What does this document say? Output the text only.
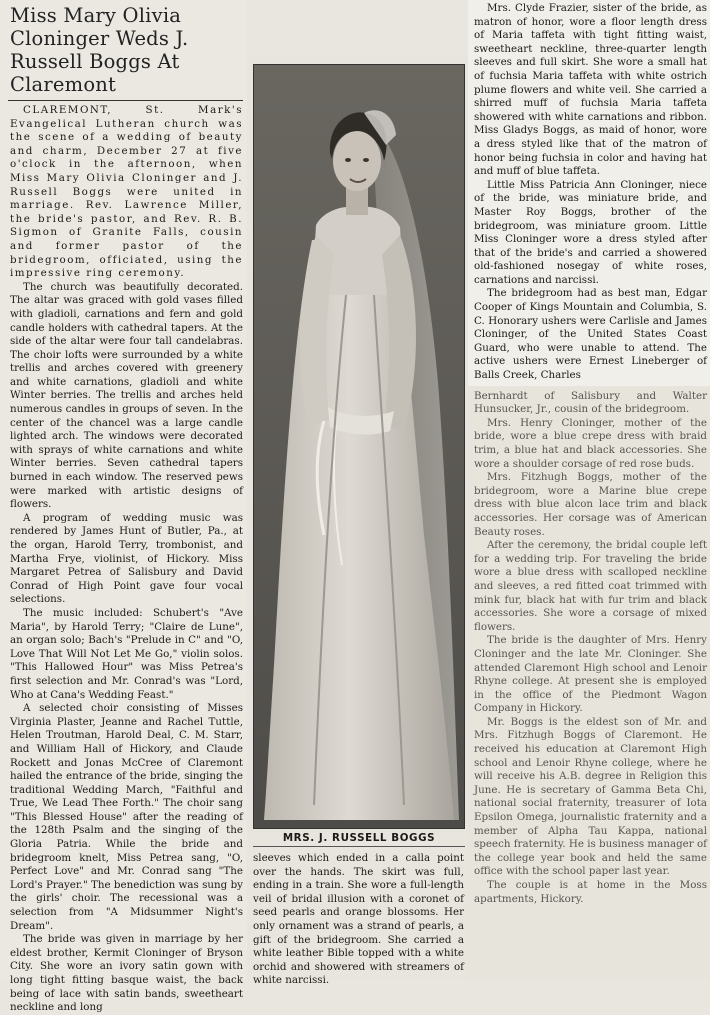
Miss Mary Olivia Cloninger Weds J. Russell Boggs At Claremont

CLAREMONT, St. Mark's Evangelical Lutheran church was the scene of a wedding of beauty and charm, December 27 at five o'clock in the afternoon, when Miss Mary Olivia Cloninger and J. Russell Boggs were united in marriage. Rev. Lawrence Miller, the bride's pastor, and Rev. R. B. Sigmon of Granite Falls, cousin and former pastor of the bridegroom, officiated, using the impressive ring ceremony.

The church was beautifully decorated. The altar was graced with gold vases filled with gladioli, carnations and fern and gold candle holders with cathedral tapers. At the side of the altar were four tall candelabras. The choir lofts were surrounded by a white trellis and arches covered with greenery and white carnations, gladioli and white Winter berries. The trellis and arches held numerous candles in groups of seven. In the center of the chancel was a large candle lighted arch. The windows were decorated with sprays of white carnations and white Winter berries. Seven cathedral tapers burned in each window. The reserved pews were marked with artistic designs of flowers.

A program of wedding music was rendered by James Hunt of Butler, Pa., at the organ, Harold Terry, trombonist, and Martha Frye, violinist, of Hickory. Miss Margaret Petrea of Salisbury and David Conrad of High Point gave four vocal selections.

The music included: Schubert's "Ave Maria", by Harold Terry; "Claire de Lune", an organ solo; Bach's "Prelude in C" and "O, Love That Will Not Let Me Go," violin solos. "This Hallowed Hour" was Miss Petrea's first selection and Mr. Conrad's was "Lord, Who at Cana's Wedding Feast."

A selected choir consisting of Misses Virginia Plaster, Jeanne and Rachel Tuttle, Helen Troutman, Harold Deal, C. M. Starr, and William Hall of Hickory, and Claude Rockett and Jonas McCree of Claremont hailed the entrance of the bride, singing the traditional Wedding March, "Faithful and True, We Lead Thee Forth." The choir sang "This Blessed House" after the reading of the 128th Psalm and the singing of the Gloria Patria. While the bride and bridegroom knelt, Miss Petrea sang, "O, Perfect Love" and Mr. Conrad sang "The Lord's Prayer." The benediction was sung by the girls' choir. The recessional was a selection from "A Midsummer Night's Dream".

The bride was given in marriage by her eldest brother, Kermit Cloninger of Bryson City. She wore an ivory satin gown with long tight fitting basque waist, the back being of lace with satin bands, sweetheart neckline and long

MRS. J. RUSSELL BOGGS

sleeves which ended in a calla point over the hands. The skirt was full, ending in a train. She wore a full-length veil of bridal illusion with a coronet of seed pearls and orange blossoms. Her only ornament was a strand of pearls, a gift of the bridegroom. She carried a white leather Bible topped with a white orchid and showered with streamers of white narcissi.

Mrs. Clyde Frazier, sister of the bride, as matron of honor, wore a floor length dress of Maria taffeta with tight fitting waist, sweetheart neckline, three-quarter length sleeves and full skirt. She wore a small hat of fuchsia Maria taffeta with white ostrich plume flowers and white veil. She carried a shirred muff of fuchsia Maria taffeta showered with white carnations and ribbon. Miss Gladys Boggs, as maid of honor, wore a dress styled like that of the matron of honor being fuchsia in color and having hat and muff of blue taffeta.

Little Miss Patricia Ann Cloninger, niece of the bride, was miniature bride, and Master Roy Boggs, brother of the bridegroom, was miniature groom. Little Miss Cloninger wore a dress styled after that of the bride's and carried a showered old-fashioned nosegay of white roses, carnations and narcissi.

The bridegroom had as best man, Edgar Cooper of Kings Mountain and Columbia, S. C. Honorary ushers were Carlisle and James Cloninger, of the United States Coast Guard, who were unable to attend. The active ushers were Ernest Lineberger of Balls Creek, Charles

Bernhardt of Salisbury and Walter Hunsucker, Jr., cousin of the bridegroom.

Mrs. Henry Cloninger, mother of the bride, wore a blue crepe dress with braid trim, a blue hat and black accessories. She wore a shoulder corsage of red rose buds.

Mrs. Fitzhugh Boggs, mother of the bridegroom, wore a Marine blue crepe dress with blue alcon lace trim and black accessories. Her corsage was of American Beauty roses.

After the ceremony, the bridal couple left for a wedding trip. For traveling the bride wore a blue dress with scalloped neckline and sleeves, a red fitted coat trimmed with mink fur, black hat with fur trim and black accessories. She wore a corsage of mixed flowers.

The bride is the daughter of Mrs. Henry Cloninger and the late Mr. Cloninger. She attended Claremont High school and Lenoir Rhyne college. At present she is employed in the office of the Piedmont Wagon Company in Hickory.

Mr. Boggs is the eldest son of Mr. and Mrs. Fitzhugh Boggs of Claremont. He received his education at Claremont High school and Lenoir Rhyne college, where he will receive his A.B. degree in Religion this June. He is secretary of Gamma Beta Chi, national social fraternity, treasurer of Iota Epsilon Omega, journalistic fraternity and a member of Alpha Tau Kappa, national speech fraternity. He is business manager of the college year book and held the same office with the school paper last year.

The couple is at home in the Moss apartments, Hickory.
